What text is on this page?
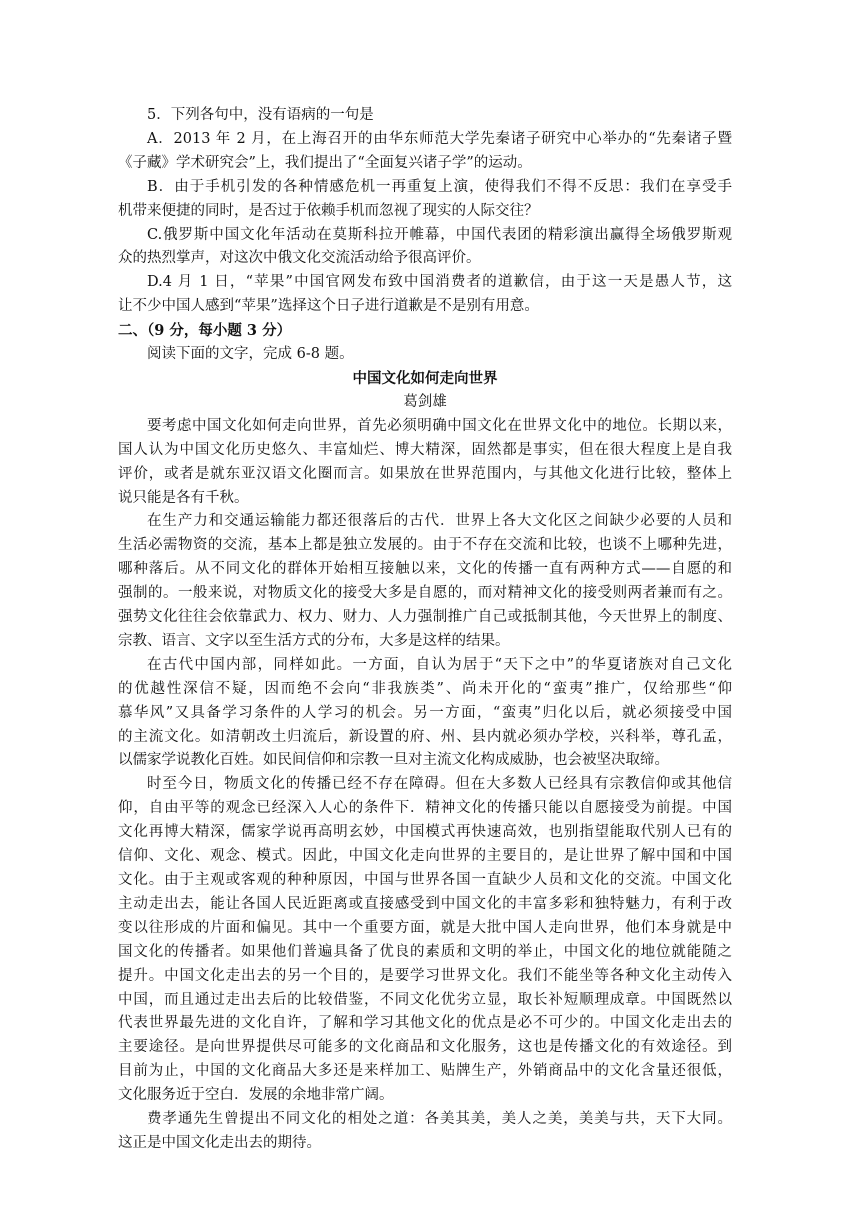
5．下列各句中，没有语病的一句是
A．2013 年 2 月，在上海召开的由华东师范大学先秦诸子研究中心举办的“先秦诸子暨
《子藏》学术研究会”上，我们提出了“全面复兴诸子学”的运动。
B．由于手机引发的各种情感危机一再重复上演，使得我们不得不反思：我们在享受手
机带来便捷的同时，是否过于依赖手机而忽视了现实的人际交往？
C.俄罗斯中国文化年活动在莫斯科拉开帷幕，中国代表团的精彩演出赢得全场俄罗斯观
众的热烈掌声，对这次中俄文化交流活动给予很高评价。
D.4 月 1 日，“苹果”中国官网发布致中国消费者的道歉信，由于这一天是愚人节，这
让不少中国人感到“苹果”选择这个日子进行道歉是不是别有用意。
二、（9 分，每小题 3 分）
阅读下面的文字，完成 6-8 题。
中国文化如何走向世界
葛剑雄
要考虑中国文化如何走向世界，首先必须明确中国文化在世界文化中的地位。长期以来，
国人认为中国文化历史悠久、丰富灿烂、博大精深，固然都是事实，但在很大程度上是自我
评价，或者是就东亚汉语文化圈而言。如果放在世界范围内，与其他文化进行比较，整体上
说只能是各有千秋。
在生产力和交通运输能力都还很落后的古代．世界上各大文化区之间缺少必要的人员和
生活必需物资的交流，基本上都是独立发展的。由于不存在交流和比较，也谈不上哪种先进，
哪种落后。从不同文化的群体开始相互接触以来，文化的传播一直有两种方式——自愿的和
强制的。一般来说，对物质文化的接受大多是自愿的，而对精神文化的接受则两者兼而有之。
强势文化往往会依靠武力、权力、财力、人力强制推广自己或抵制其他，今天世界上的制度、
宗教、语言、文字以至生活方式的分布，大多是这样的结果。
在古代中国内部，同样如此。一方面，自认为居于“天下之中”的华夏诸族对自己文化
的优越性深信不疑，因而绝不会向“非我族类”、尚未开化的“蛮夷”推广，仅给那些“仰
慕华风”又具备学习条件的人学习的机会。另一方面，“蛮夷”归化以后，就必须接受中国
的主流文化。如清朝改土归流后，新设置的府、州、县内就必须办学校，兴科举，尊孔孟，
以儒家学说教化百姓。如民间信仰和宗教一旦对主流文化构成威胁，也会被坚决取缔。
时至今日，物质文化的传播已经不存在障碍。但在大多数人已经具有宗教信仰或其他信
仰，自由平等的观念已经深入人心的条件下．精神文化的传播只能以自愿接受为前提。中国
文化再博大精深，儒家学说再高明玄妙，中国模式再快速高效，也别指望能取代别人已有的
信仰、文化、观念、模式。因此，中国文化走向世界的主要目的，是让世界了解中国和中国
文化。由于主观或客观的种种原因，中国与世界各国一直缺少人员和文化的交流。中国文化
主动走出去，能让各国人民近距离或直接感受到中国文化的丰富多彩和独特魅力，有利于改
变以往形成的片面和偏见。其中一个重要方面，就是大批中国人走向世界，他们本身就是中
国文化的传播者。如果他们普遍具备了优良的素质和文明的举止，中国文化的地位就能随之
提升。中国文化走出去的另一个目的，是要学习世界文化。我们不能坐等各种文化主动传入
中国，而且通过走出去后的比较借鉴，不同文化优劣立显，取长补短顺理成章。中国既然以
代表世界最先进的文化自许，了解和学习其他文化的优点是必不可少的。中国文化走出去的
主要途径。是向世界提供尽可能多的文化商品和文化服务，这也是传播文化的有效途径。到
目前为止，中国的文化商品大多还是来样加工、贴牌生产，外销商品中的文化含量还很低，
文化服务近于空白．发展的余地非常广阔。
费孝通先生曾提出不同文化的相处之道：各美其美，美人之美，美美与共，天下大同。
这正是中国文化走出去的期待。
